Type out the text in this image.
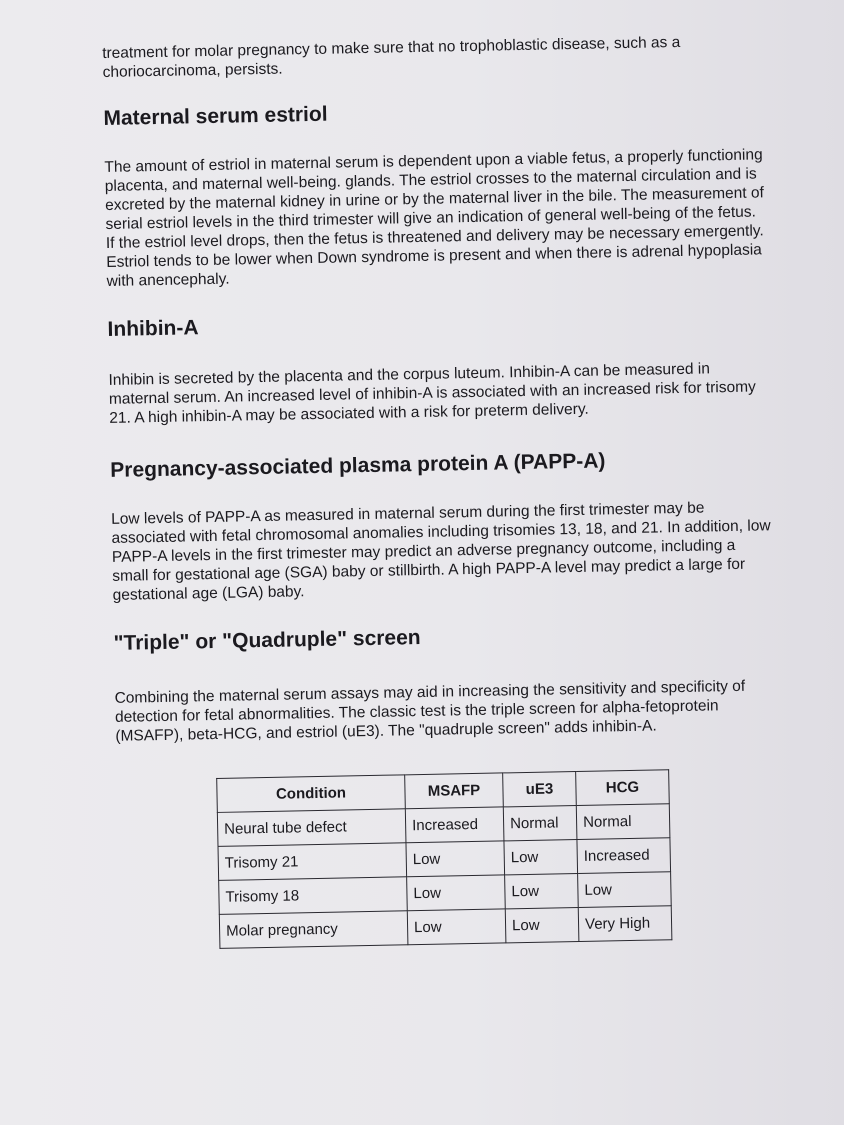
treatment for molar pregnancy to make sure that no trophoblastic disease, such as a choriocarcinoma, persists.

Maternal serum estriol

The amount of estriol in maternal serum is dependent upon a viable fetus, a properly functioning placenta, and maternal well-being. glands. The estriol crosses to the maternal circulation and is excreted by the maternal kidney in urine or by the maternal liver in the bile. The measurement of serial estriol levels in the third trimester will give an indication of general well-being of the fetus. If the estriol level drops, then the fetus is threatened and delivery may be necessary emergently. Estriol tends to be lower when Down syndrome is present and when there is adrenal hypoplasia with anencephaly.

Inhibin-A

Inhibin is secreted by the placenta and the corpus luteum. Inhibin-A can be measured in maternal serum. An increased level of inhibin-A is associated with an increased risk for trisomy 21. A high inhibin-A may be associated with a risk for preterm delivery.

Pregnancy-associated plasma protein A (PAPP-A)

Low levels of PAPP-A as measured in maternal serum during the first trimester may be associated with fetal chromosomal anomalies including trisomies 13, 18, and 21. In addition, low PAPP-A levels in the first trimester may predict an adverse pregnancy outcome, including a small for gestational age (SGA) baby or stillbirth. A high PAPP-A level may predict a large for gestational age (LGA) baby.

"Triple" or "Quadruple" screen

Combining the maternal serum assays may aid in increasing the sensitivity and specificity of detection for fetal abnormalities. The classic test is the triple screen for alpha-fetoprotein (MSAFP), beta-HCG, and estriol (uE3). The "quadruple screen" adds inhibin-A.

Condition	MSAFP	uE3	HCG
Neural tube defect	Increased	Normal	Normal
Trisomy 21	Low	Low	Increased
Trisomy 18	Low	Low	Low
Molar pregnancy	Low	Low	Very High
